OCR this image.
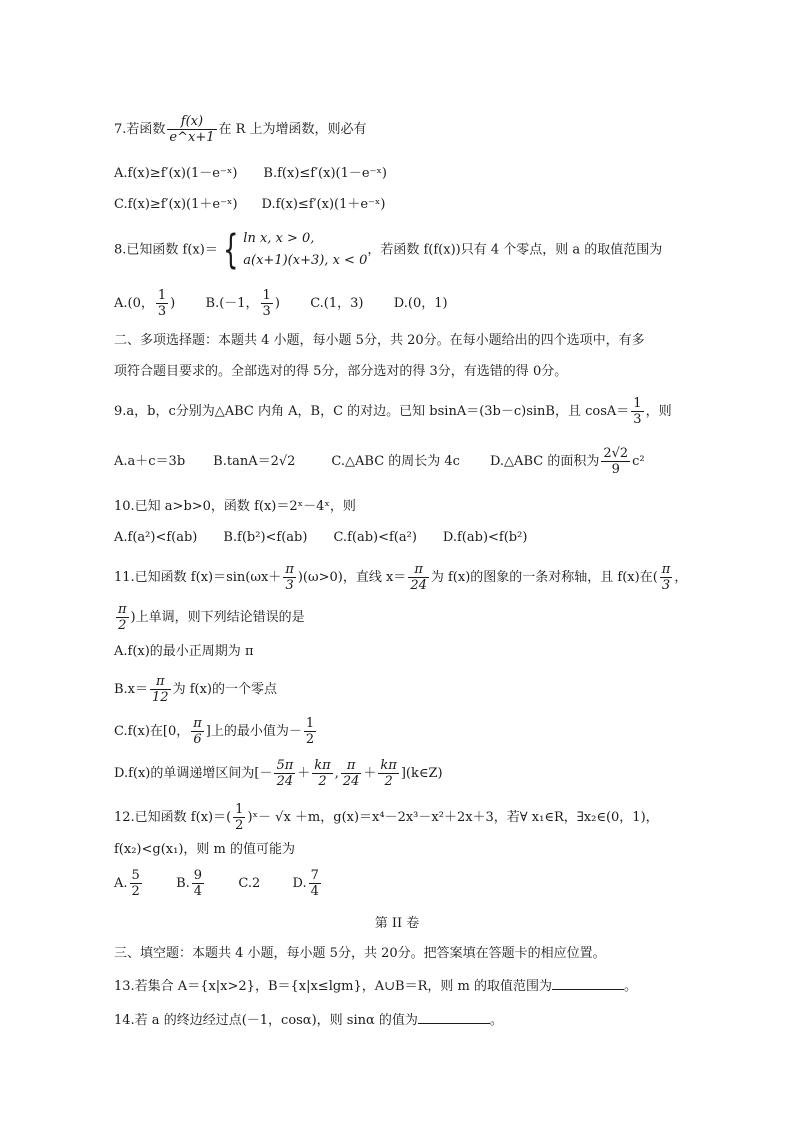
7.若函数 $\frac{f(x)}{e\^{}x+1}$ 在 R 上为增函数，则必有
A.f(x)≥f′(x)(1－e⁻ˣ) B.f(x)≤f′(x)(1－e⁻ˣ)
C.f(x)≥f′(x)(1＋e⁻ˣ) D.f(x)≤f′(x)(1＋e⁻ˣ)
8.已知函数 f(x)＝ { ln x, x > 0,
a(x+1)(x+3), x < 0
，若函数 f(f(x))只有 4 个零点，则 a 的取值范围为
A.(0， $\frac{1}{3}$ ) B.(－1， $\frac{1}{3}$ ) C.(1，3) D.(0，1)
二、多项选择题：本题共 4 小题，每小题 5分，共 20分。在每小题给出的四个选项中，有多
项符合题目要求的。全部选对的得 5分，部分选对的得 3分，有选错的得 0分。
9.a，b，c分别为△ABC 内角 A，B，C 的对边。已知 bsinA＝(3b－c)sinB，且 $\cos A= \frac{1}{3}$ ，则
A.a＋c＝3b B.tanA＝2√2	C.△ABC 的周长为 4c D.△ABC 的面积为 $\frac{2√2}{9} c^2$
10.已知 a>b>0，函数 f(x)＝2ˣ－4ˣ，则
A.f(a²)<f(ab) B.f(b²)<f(ab) C.f(ab)<f(a²) D.f(ab)<f(b²)
11.已知函数 $f(x)=\sin(\omega x+ \frac{\pi}{3} )(\omega>0)$，直线 $x= \frac{\pi}{24}$ 为 f(x)的图象的一条对称轴，且 f(x)在( $\frac{\pi}{3}$ ，
$\frac{\pi}{2}$ )上单调，则下列结论错误的是
A.f(x)的最小正周期为 π
$B.x= \frac{\pi}{12}$ 为 f(x)的一个零点
C.f(x)在[0， $\frac{\pi}{6}$ ]上的最小值为－ $\frac{1}{2}$
D.f(x)的单调递增区间为[－ $\frac{5\pi}{24} + \frac{k\pi}{2}$ , $\frac{\pi}{24} + \frac{k\pi}{2}$ ](k∈Z)
12.已知函数 $f(x)=( \frac{1}{2}$ )ˣ－ √x ＋m，g(x)＝x⁴－2x³－x²＋2x＋3，若∀ x₁∈R，∃x₂∈(0，1)，
f(x₂)<g(x₁)，则 m 的值可能为
A. $\frac{5}{2}$	B. $\frac{9}{4}$	C.2 D. $\frac{7}{4}$
第 II 卷
三、填空题：本题共 4 小题，每小题 5分，共 20分。把答案填在答题卡的相应位置。
13.若集合 A＝{x|x>2}，B＝{x|x≤lgm}，A∪B＝R，则 m 的取值范围为	。
14.若 a 的终边经过点(－1，cosα)，则 sinα 的值为	。
